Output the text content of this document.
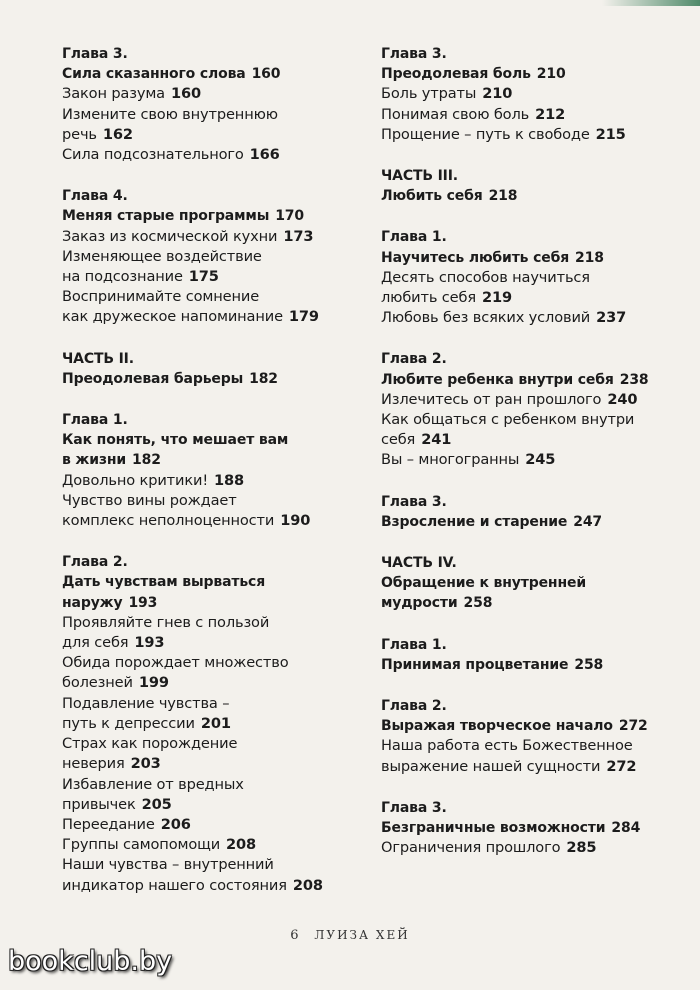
Глава 3.
Сила сказанного слова 160
Закон разума 160
Измените свою внутреннюю
речь 162
Сила подсознательного 166
Глава 4.
Меняя старые программы 170
Заказ из космической кухни 173
Изменяющее воздействие
на подсознание 175
Воспринимайте сомнение
как дружеское напоминание 179
ЧАСТЬ II.
Преодолевая барьеры 182
Глава 1.
Как понять, что мешает вам
в жизни 182
Довольно критики! 188
Чувство вины рождает
комплекс неполноценности 190
Глава 2.
Дать чувствам вырваться
наружу 193
Проявляйте гнев с пользой
для себя 193
Обида порождает множество
болезней 199
Подавление чувства –
путь к депрессии 201
Страх как порождение
неверия 203
Избавление от вредных
привычек 205
Переедание 206
Группы самопомощи 208
Наши чувства – внутренний
индикатор нашего состояния 208
Глава 3.
Преодолевая боль 210
Боль утраты 210
Понимая свою боль 212
Прощение – путь к свободе 215
ЧАСТЬ III.
Любить себя 218
Глава 1.
Научитесь любить себя 218
Десять способов научиться
любить себя 219
Любовь без всяких условий 237
Глава 2.
Любите ребенка внутри себя 238
Излечитесь от ран прошлого 240
Как общаться с ребенком внутри
себя 241
Вы – многогранны 245
Глава 3.
Взросление и старение 247
ЧАСТЬ IV.
Обращение к внутренней
мудрости 258
Глава 1.
Принимая процветание 258
Глава 2.
Выражая творческое начало 272
Наша работа есть Божественное
выражение нашей сущности 272
Глава 3.
Безграничные возможности 284
Ограничения прошлого 285
6 ЛУИЗА ХЕЙ
bookclub.by
